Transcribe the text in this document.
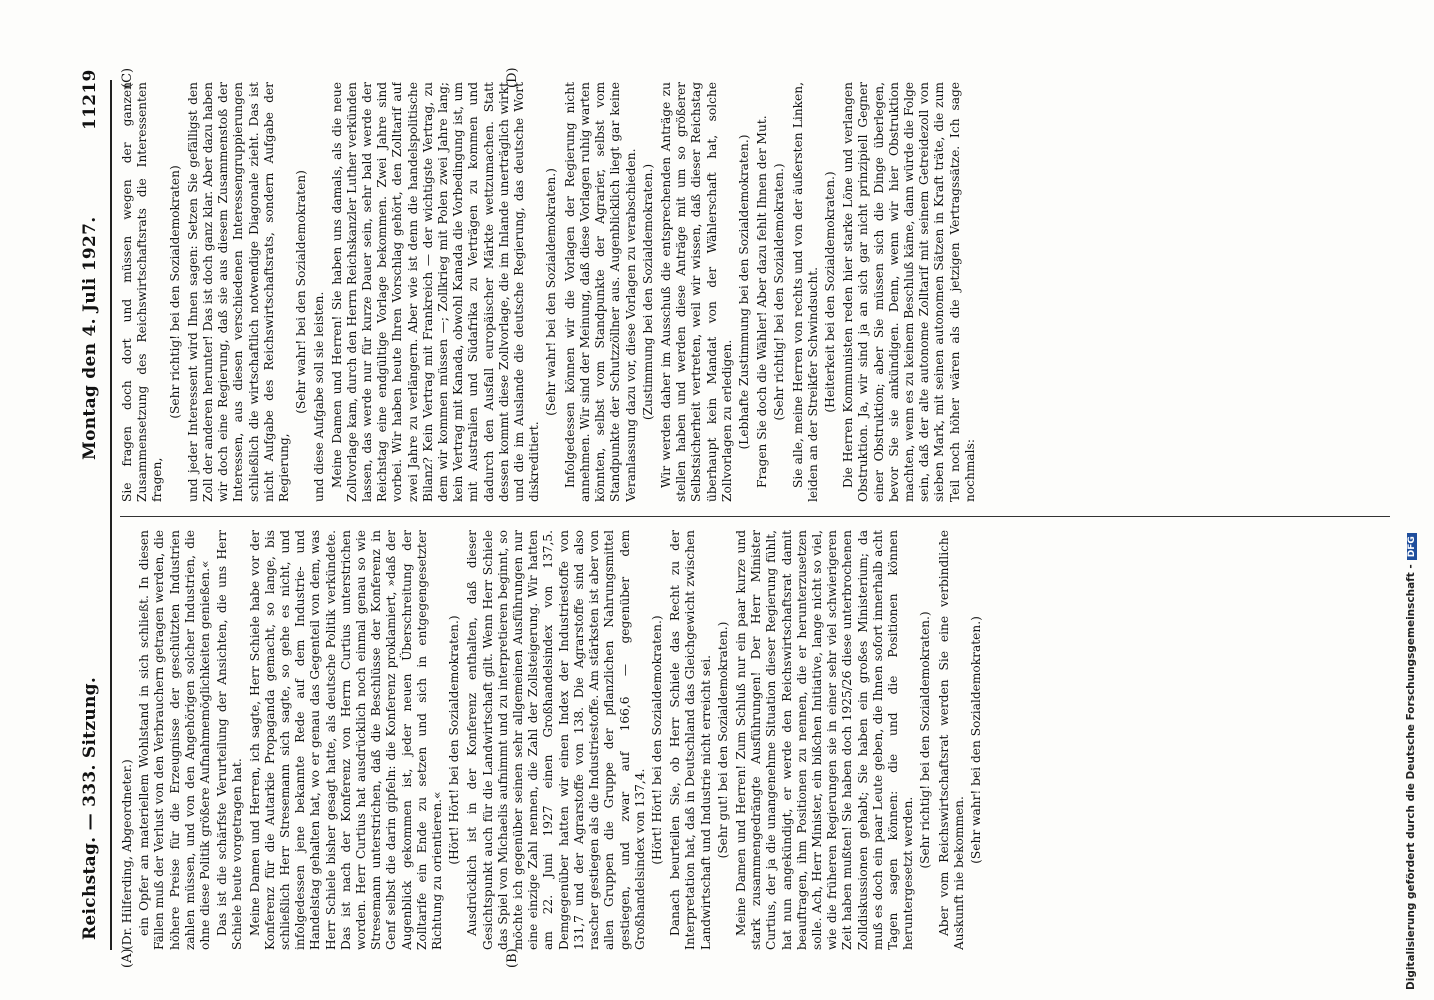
Reichstag. — 333. Sitzung.
Montag den 4. Juli 1927.
11219
(A)	(B)
(C)	(D)

(Dr. Hilferding, Abgeordneter.) ein Opfer an materiellem Wohlstand in sich schließt. In diesen Fällen muß der Verlust von den Verbrauchern getragen werden, die höhere Preise für die Erzeugnisse der geschützten Industrien zahlen müssen, und von den Angehörigen solcher Industrien, die ohne diese Politik größere Aufnahmemöglichkeiten genießen.« Das ist die schärfste Verurteilung der Ansichten, die uns Herr Schiele heute vorgetragen hat. Meine Damen und Herren, ich sagte, Herr Schiele habe vor der Konferenz für die Autarkie Propaganda gemacht, so lange, bis schließlich Herr Stresemann sich sagte, so gehe es nicht, und infolgedessen jene bekannte Rede auf dem Industrie- und Handelstag gehalten hat, wo er genau das Gegenteil von dem, was Herr Schiele bisher gesagt hatte, als deutsche Politik verkündete. Das ist nach der Konferenz von Herrn Curtius unterstrichen worden. Herr Curtius hat ausdrücklich noch einmal genau so wie Stresemann unterstrichen, daß die Beschlüsse der Konferenz in Genf selbst die darin gipfeln: die Konferenz proklamiert, »daß der Augenblick gekommen ist, jeder neuen Überschreitung der Zolltarife ein Ende zu setzen und sich in entgegengesetzter Richtung zu orientieren.«

(Hört! Hört! bei den Sozialdemokraten.) Ausdrücklich ist in der Konferenz enthalten, daß dieser Gesichtspunkt auch für die Landwirtschaft gilt. Wenn Herr Schiele das Spiel von Michaelis aufnimmt und zu interpretieren beginnt, so möchte ich gegenüber seinen sehr allgemeinen Ausführungen nur eine einzige Zahl nennen, die Zahl der Zollsteigerung. Wir hatten am 22. Juni 1927 einen Großhandelsindex von 137,5. Demgegenüber hatten wir einen Index der Industriestoffe von 131,7 und der Agrarstoffe von 138. Die Agrarstoffe sind also rascher gestiegen als die Industriestoffe. Am stärksten ist aber von allen Gruppen die Gruppe der pflanzlichen Nahrungsmittel gestiegen, und zwar auf 166,6 — gegenüber dem Großhandelsindex von 137,4. (Hört! Hört! bei den Sozialdemokraten.) Danach beurteilen Sie, ob Herr Schiele das Recht zu der Interpretation hat, daß in Deutschland das Gleichgewicht zwischen Landwirtschaft und Industrie nicht erreicht sei. (Sehr gut! bei den Sozialdemokraten.) Meine Damen und Herren! Zum Schluß nur ein paar kurze und stark zusammengedrängte Ausführungen! Der Herr Minister Curtius, der ja die unangenehme Situation dieser Regierung fühlt, hat nun angekündigt, er werde den Reichswirtschaftsrat damit beauftragen, ihm Positionen zu nennen, die er herunterzusetzen solle. Ach, Herr Minister, ein bißchen Initiative, lange nicht so viel, wie die früheren Regierungen sie in einer sehr viel schwierigeren Zeit haben mußten! Sie haben doch 1925/26 diese unterbrochenen Zolldiskussionen gehabt; Sie haben ein großes Ministerium; da muß es doch ein paar Leute geben, die Ihnen sofort innerhalb acht Tagen sagen können: die und die Positionen können heruntergesetzt werden.

(Sehr richtig! bei den Sozialdemokraten.) Aber vom Reichswirtschaftsrat werden Sie eine verbindliche Auskunft nie bekommen.

(Sehr wahr! bei den Sozialdemokraten.)

Sie fragen doch dort und müssen wegen der ganzen Zusammensetzung des Reichswirtschaftsrats die Interessenten fragen,

(Sehr richtig! bei den Sozialdemokraten) und jeder Interessent wird Ihnen sagen: Setzen Sie gefälligst den Zoll der anderen herunter! Das ist doch ganz klar. Aber dazu haben wir doch eine Regierung, daß sie aus diesem Zusammenstoß der Interessen, aus diesen verschiedenen Interessengruppierungen schließlich die wirtschaftlich notwendige Diagonale zieht. Das ist nicht Aufgabe des Reichswirtschaftsrats, sondern Aufgabe der Regierung,

(Sehr wahr! bei den Sozialdemokraten) und diese Aufgabe soll sie leisten. Meine Damen und Herren! Sie haben uns damals, als die neue Zollvorlage kam, durch den Herrn Reichskanzler Luther verkünden lassen, das werde nur für kurze Dauer sein, sehr bald werde der Reichstag eine endgültige Vorlage bekommen. Zwei Jahre sind vorbei. Wir haben heute Ihren Vorschlag gehört, den Zolltarif auf zwei Jahre zu verlängern. Aber wie ist denn die handelspolitische Bilanz? Kein Vertrag mit Frankreich — der wichtigste Vertrag, zu dem wir kommen müssen —; Zollkrieg mit Polen zwei Jahre lang; kein Vertrag mit Kanada, obwohl Kanada die Vorbedingung ist, um mit Australien und Südafrika zu Verträgen zu kommen und dadurch den Ausfall europäischer Märkte wettzumachen. Statt dessen kommt diese Zollvorlage, die im Inlande unerträglich wirkt und die im Auslande die deutsche Regierung, das deutsche Wort diskreditiert.

(Sehr wahr! bei den Sozialdemokraten.) Infolgedessen können wir die Vorlagen der Regierung nicht annehmen. Wir sind der Meinung, daß diese Vorlagen ruhig warten könnten, selbst vom Standpunkte der Agrarier, selbst vom Standpunkte der Schutzzöllner aus. Augenblicklich liegt gar keine Veranlassung dazu vor, diese Vorlagen zu verabschieden. (Zustimmung bei den Sozialdemokraten.) Wir werden daher im Ausschuß die entsprechenden Anträge zu stellen haben und werden diese Anträge mit um so größerer Selbstsicherheit vertreten, weil wir wissen, daß dieser Reichstag überhaupt kein Mandat von der Wählerschaft hat, solche Zollvorlagen zu erledigen. (Lebhafte Zustimmung bei den Sozialdemokraten.) Fragen Sie doch die Wähler! Aber dazu fehlt Ihnen der Mut. (Sehr richtig! bei den Sozialdemokraten.) Sie alle, meine Herren von rechts und von der äußersten Linken, leiden an der Streikfer Schwindsucht. (Heiterkeit bei den Sozialdemokraten.) Die Herren Kommunisten reden hier starke Löne und verlangen Obstruktion. Ja, wir sind ja an sich gar nicht prinzipiell Gegner einer Obstruktion; aber Sie müssen sich die Dinge überlegen, bevor Sie sie ankündigen. Denn, wenn wir hier Obstruktion machten, wenn es zu keinem Beschluß käme, dann würde die Folge sein, daß der alte autonome Zolltarif mit seinem Getreidezoll von sieben Mark, mit seinen autonomen Sätzen in Kraft träte, die zum Teil noch höher wären als die jetzigen Vertragssätze. Ich sage nochmals:

Digitalisierung gefördert durch die Deutsche Forschungsgemeinschaft -DFG
